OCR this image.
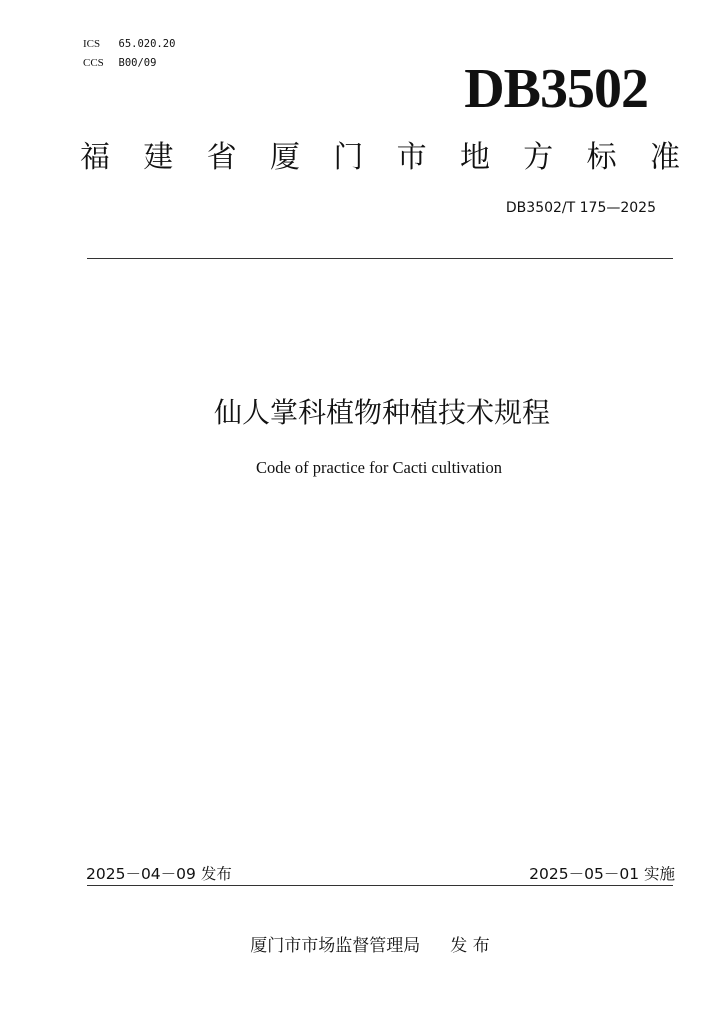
ICS 65.020.20
CCS B00/09	DB3502
福 建 省 厦 门 市 地 方 标 准
DB3502/T 175—2025
仙人掌科植物种植技术规程
Code of practice for Cacti cultivation
2025－04－09 发布	2025－05－01 实施
厦门市市场监督管理局 发 布
